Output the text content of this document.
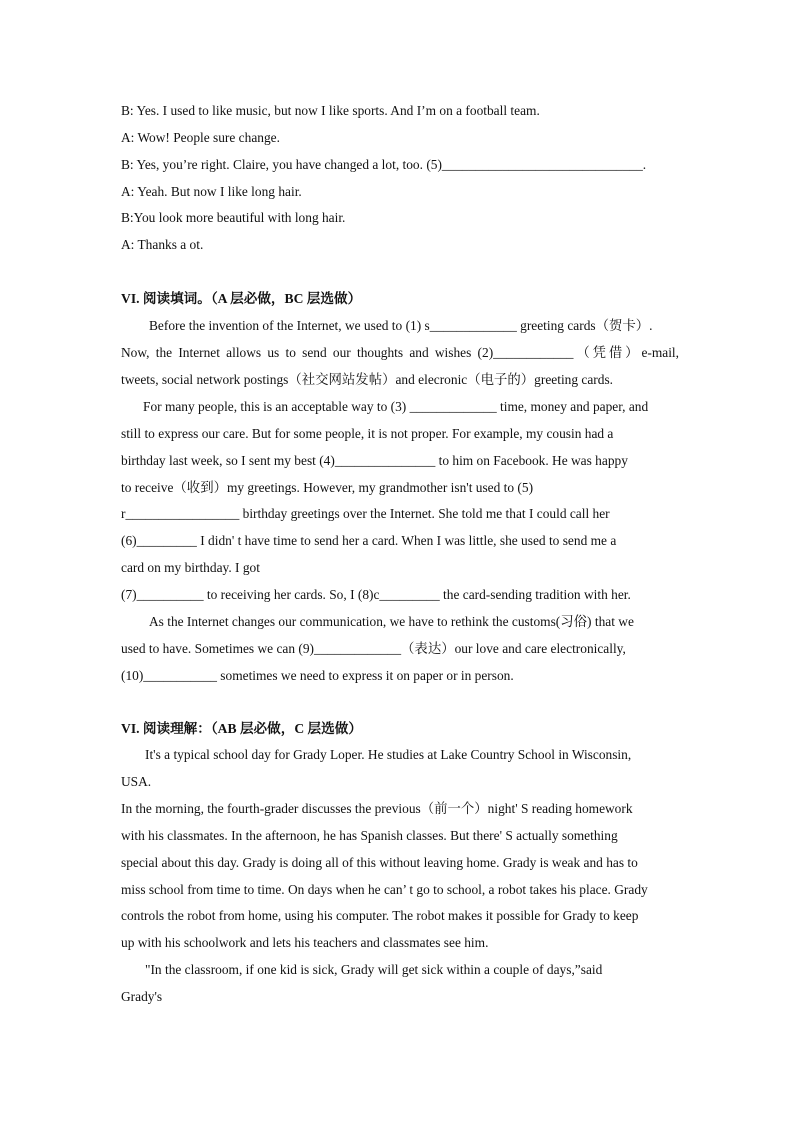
B: Yes. I used to like music, but now I like sports. And I’m on a football team.
A: Wow! People sure change.
B: Yes, you’re right. Claire, you have changed a lot, too. (5)______________________________.
A: Yeah. But now I like long hair.
B:You look more beautiful with long hair.
A: Thanks a ot.
VI. 阅读填词。（A 层必做，BC 层选做）
Before the invention of the Internet, we used to (1) s_____________ greeting cards（贺卡）.
Now, the Internet allows us to send our thoughts and wishes (2)____________（凭借）e-mail,
tweets, social network postings（社交网站发帖）and elecronic（电子的）greeting cards.
For many people, this is an acceptable way to (3) _____________ time, money and paper, and
still to express our care. But for some people, it is not proper. For example, my cousin had a
birthday last week, so I sent my best (4)_______________ to him on Facebook. He was happy
to receive（收到）my greetings. However, my grandmother isn't used to (5)
r_________________ birthday greetings over the Internet. She told me that I could call her
(6)_________ I didn' t have time to send her a card. When I was little, she used to send me a
card on my birthday. I got
(7)__________ to receiving her cards. So, I (8)c_________ the card-sending tradition with her.
As the Internet changes our communication, we have to rethink the customs(习俗) that we
used to have. Sometimes we can (9)_____________（表达）our love and care electronically,
(10)___________ sometimes we need to express it on paper or in person.
VI. 阅读理解：（AB 层必做，C 层选做）
It's a typical school day for Grady Loper. He studies at Lake Country School in Wisconsin,
USA.
In the morning, the fourth-grader discusses the previous（前一个）night' S reading homework
with his classmates. In the afternoon, he has Spanish classes. But there' S actually something
special about this day. Grady is doing all of this without leaving home. Grady is weak and has to
miss school from time to time. On days when he can’ t go to school, a robot takes his place. Grady
controls the robot from home, using his computer. The robot makes it possible for Grady to keep
up with his schoolwork and lets his teachers and classmates see him.
"In the classroom, if one kid is sick, Grady will get sick within a couple of days,”said
Grady's
